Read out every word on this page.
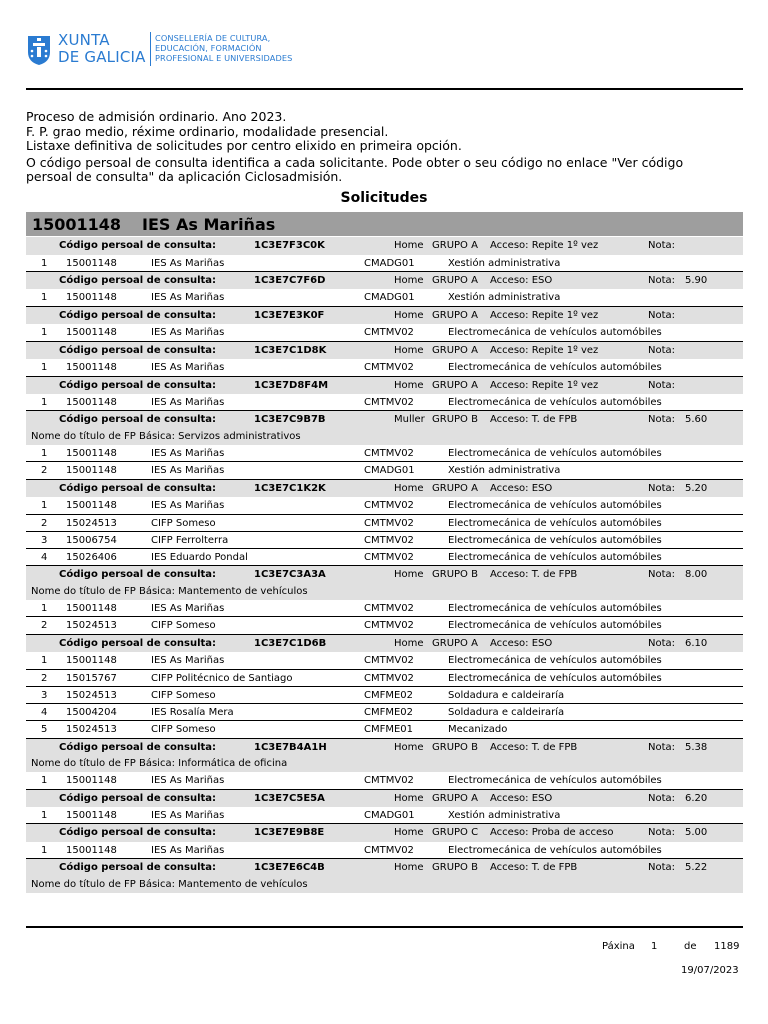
XUNTA
DE GALICIA
CONSELLERÍA DE CULTURA,
EDUCACIÓN, FORMACIÓN
PROFESIONAL E UNIVERSIDADES
Proceso de admisión ordinario. Ano 2023.
F. P. grao medio, réxime ordinario, modalidade presencial.
Listaxe definitiva de solicitudes por centro elixido en primeira opción.
O código persoal de consulta identifica a cada solicitante. Pode obter o seu código no enlace "Ver código
persoal de consulta" da aplicación Ciclosadmisión.
Solicitudes
15001148 IES As Mariñas
Código persoal de consulta:	1C3E7F3C0K	Home GRUPO A Acceso: Repite 1º vez	Nota:
1 15001148	IES As Mariñas	CMADG01	Xestión administrativa
Código persoal de consulta:	1C3E7C7F6D	Home GRUPO A Acceso: ESO	Nota: 5.90
1 15001148	IES As Mariñas	CMADG01	Xestión administrativa
Código persoal de consulta:	1C3E7E3K0F	Home GRUPO A Acceso: Repite 1º vez	Nota:
1 15001148	IES As Mariñas	CMTMV02	Electromecánica de vehículos automóbiles
Código persoal de consulta:	1C3E7C1D8K	Home GRUPO A Acceso: Repite 1º vez	Nota:
1 15001148	IES As Mariñas	CMTMV02	Electromecánica de vehículos automóbiles
Código persoal de consulta:	1C3E7D8F4M	Home GRUPO A Acceso: Repite 1º vez	Nota:
1 15001148	IES As Mariñas	CMTMV02	Electromecánica de vehículos automóbiles
Código persoal de consulta:	1C3E7C9B7B	Muller GRUPO B Acceso: T. de FPB	Nota: 5.60
Nome do título de FP Básica: Servizos administrativos
1 15001148	IES As Mariñas	CMTMV02	Electromecánica de vehículos automóbiles
2 15001148	IES As Mariñas	CMADG01	Xestión administrativa
Código persoal de consulta:	1C3E7C1K2K	Home GRUPO A Acceso: ESO	Nota: 5.20
1 15001148	IES As Mariñas	CMTMV02	Electromecánica de vehículos automóbiles
2 15024513	CIFP Someso	CMTMV02	Electromecánica de vehículos automóbiles
3 15006754	CIFP Ferrolterra	CMTMV02	Electromecánica de vehículos automóbiles
4 15026406	IES Eduardo Pondal	CMTMV02	Electromecánica de vehículos automóbiles
Código persoal de consulta:	1C3E7C3A3A	Home GRUPO B Acceso: T. de FPB	Nota: 8.00
Nome do título de FP Básica: Mantemento de vehículos
1 15001148	IES As Mariñas	CMTMV02	Electromecánica de vehículos automóbiles
2 15024513	CIFP Someso	CMTMV02	Electromecánica de vehículos automóbiles
Código persoal de consulta:	1C3E7C1D6B	Home GRUPO A Acceso: ESO	Nota: 6.10
1 15001148	IES As Mariñas	CMTMV02	Electromecánica de vehículos automóbiles
2 15015767	CIFP Politécnico de Santiago	CMTMV02	Electromecánica de vehículos automóbiles
3 15024513	CIFP Someso	CMFME02	Soldadura e caldeiraría
4 15004204	IES Rosalía Mera	CMFME02	Soldadura e caldeiraría
5 15024513	CIFP Someso	CMFME01	Mecanizado
Código persoal de consulta:	1C3E7B4A1H	Home GRUPO B Acceso: T. de FPB	Nota: 5.38
Nome do título de FP Básica: Informática de oficina
1 15001148	IES As Mariñas	CMTMV02	Electromecánica de vehículos automóbiles
Código persoal de consulta:	1C3E7C5E5A	Home GRUPO A Acceso: ESO	Nota: 6.20
1 15001148	IES As Mariñas	CMADG01	Xestión administrativa
Código persoal de consulta:	1C3E7E9B8E	Home GRUPO C Acceso: Proba de acceso	Nota: 5.00
1 15001148	IES As Mariñas	CMTMV02	Electromecánica de vehículos automóbiles
Código persoal de consulta:	1C3E7E6C4B	Home GRUPO B Acceso: T. de FPB	Nota: 5.22
Nome do título de FP Básica: Mantemento de vehículos
Páxina 1	de 1189
19/07/2023
